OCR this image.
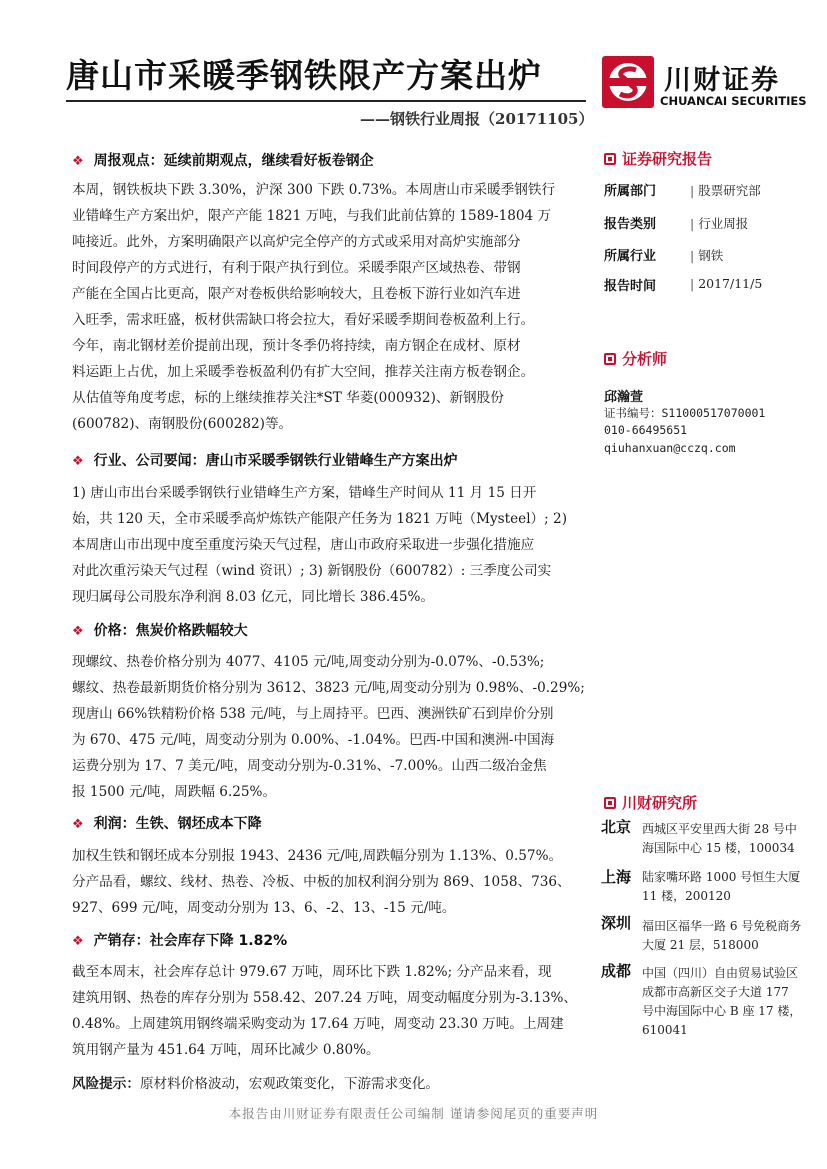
唐山市采暖季钢铁限产方案出炉
——钢铁行业周报（20171105）
川财证券
CHUANCAI SECURITIES
❖ 周报观点：延续前期观点，继续看好板卷钢企
本周，钢铁板块下跌 3.30%，沪深 300 下跌 0.73%。本周唐山市采暖季钢铁行
业错峰生产方案出炉，限产产能 1821 万吨，与我们此前估算的 1589-1804 万
吨接近。此外，方案明确限产以高炉完全停产的方式或采用对高炉实施部分
时间段停产的方式进行，有利于限产执行到位。采暖季限产区域热卷、带钢
产能在全国占比更高，限产对卷板供给影响较大，且卷板下游行业如汽车进
入旺季，需求旺盛，板材供需缺口将会拉大，看好采暖季期间卷板盈利上行。
今年，南北钢材差价提前出现，预计冬季仍将持续，南方钢企在成材、原材
料运距上占优，加上采暖季卷板盈利仍有扩大空间，推荐关注南方板卷钢企。
从估值等角度考虑，标的上继续推荐关注*ST 华菱(000932)、新钢股份
(600782)、南钢股份(600282)等。
❖ 行业、公司要闻：唐山市采暖季钢铁行业错峰生产方案出炉
1) 唐山市出台采暖季钢铁行业错峰生产方案，错峰生产时间从 11 月 15 日开
始，共 120 天，全市采暖季高炉炼铁产能限产任务为 1821 万吨（Mysteel）; 2)
本周唐山市出现中度至重度污染天气过程，唐山市政府采取进一步强化措施应
对此次重污染天气过程（wind 资讯）; 3) 新钢股份（600782）: 三季度公司实
现归属母公司股东净利润 8.03 亿元，同比增长 386.45%。
❖ 价格：焦炭价格跌幅较大
现螺纹、热卷价格分别为 4077、4105 元/吨,周变动分别为-0.07%、-0.53%;
螺纹、热卷最新期货价格分别为 3612、3823 元/吨,周变动分别为 0.98%、-0.29%;
现唐山 66%铁精粉价格 538 元/吨，与上周持平。巴西、澳洲铁矿石到岸价分别
为 670、475 元/吨，周变动分别为 0.00%、-1.04%。巴西-中国和澳洲-中国海
运费分别为 17、7 美元/吨，周变动分别为-0.31%、-7.00%。山西二级冶金焦
报 1500 元/吨，周跌幅 6.25%。
❖ 利润：生铁、钢坯成本下降
加权生铁和钢坯成本分别报 1943、2436 元/吨,周跌幅分别为 1.13%、0.57%。
分产品看，螺纹、线材、热卷、冷板、中板的加权利润分别为 869、1058、736、
927、699 元/吨，周变动分别为 13、6、-2、13、-15 元/吨。
❖ 产销存：社会库存下降 1.82%
截至本周末，社会库存总计 979.67 万吨，周环比下跌 1.82%; 分产品来看，现
建筑用钢、热卷的库存分别为 558.42、207.24 万吨，周变动幅度分别为-3.13%、
0.48%。上周建筑用钢终端采购变动为 17.64 万吨，周变动 23.30 万吨。上周建
筑用钢产量为 451.64 万吨，周环比减少 0.80%。
风险提示：原材料价格波动，宏观政策变化，下游需求变化。
证券研究报告
所属部门	| 股票研究部
报告类别	| 行业周报
所属行业	| 钢铁
报告时间	| 2017/11/5
分析师
邱瀚萱
证书编号：S1100051707000​1
010-66495651
qiuhanxuan@cczq.com
川财研究所
北京 西城区平安里西大街 28 号中海国际中心 15 楼，100034
上海 陆家嘴环路 1000 号恒生大厦 11 楼，200120
深圳 福田区福华一路 6 号免税商务大厦 21 层，518000
成都 中国（四川）自由贸易试验区成都市高新区交子大道 177 号中海国际中心 B 座 17 楼，610041
本报告由川财证券有限责任公司编制 谨请参阅尾页的重要声明
